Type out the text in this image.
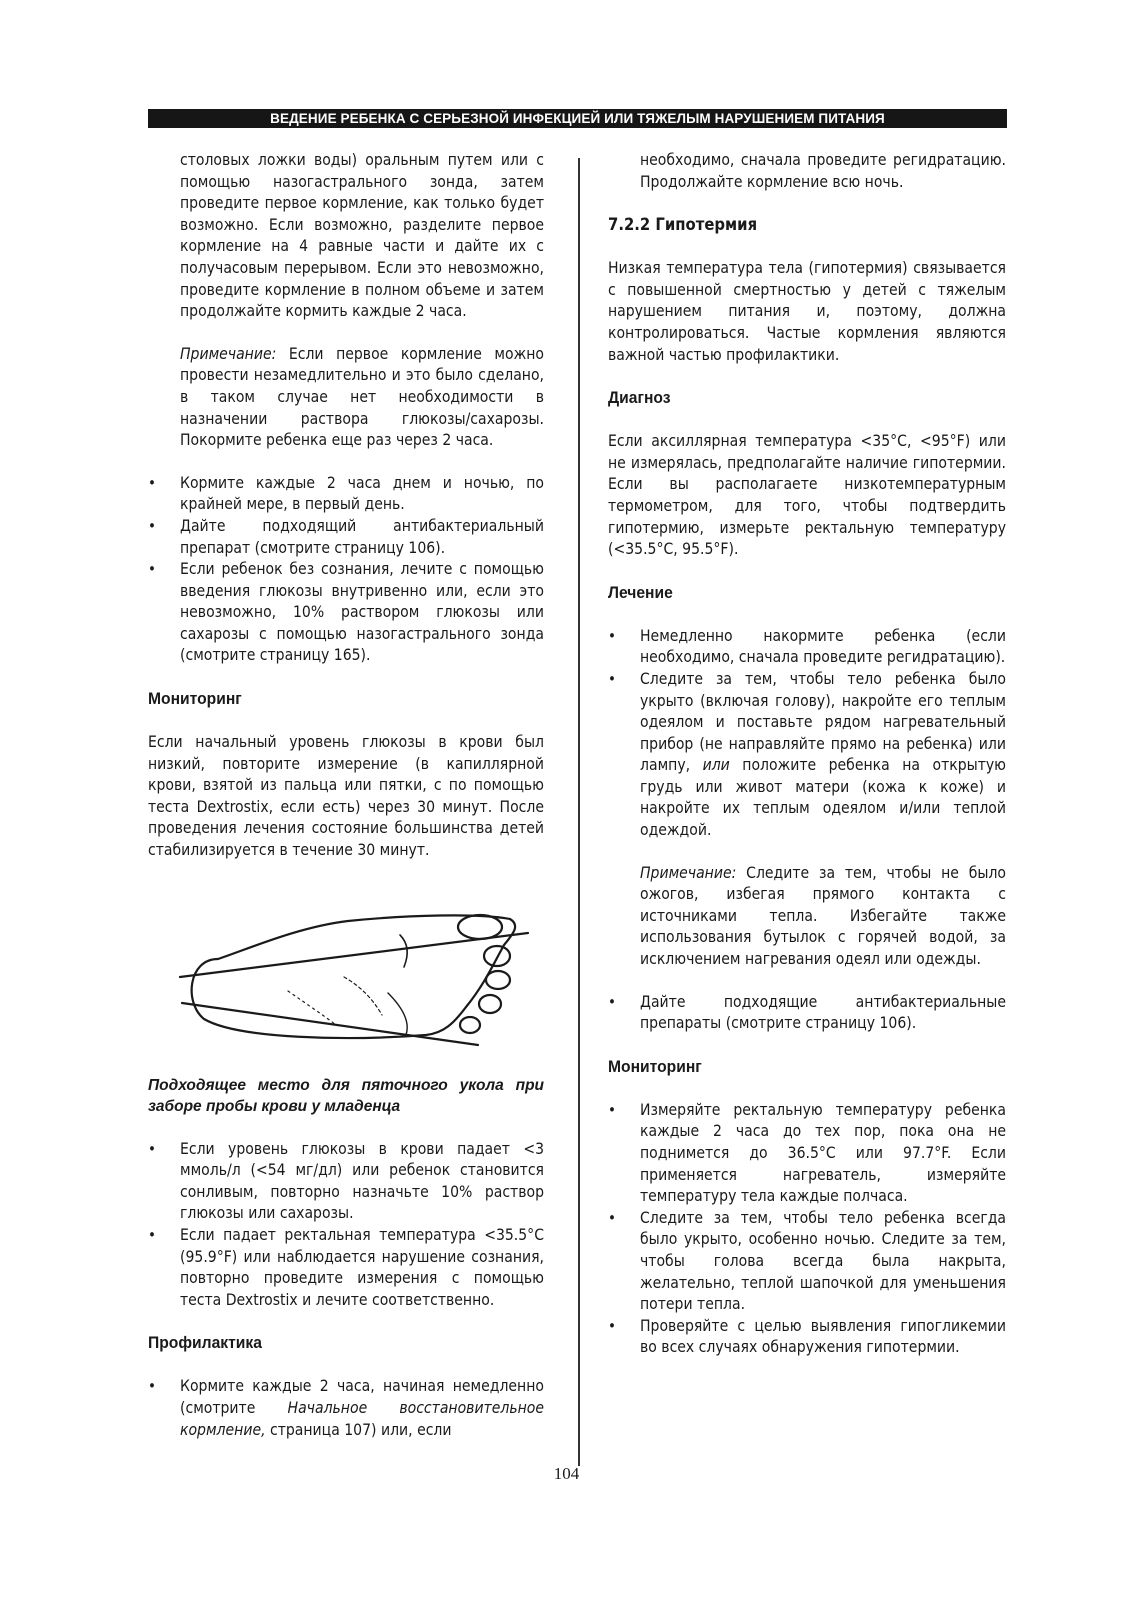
ВЕДЕНИЕ РЕБЕНКА С СЕРЬЕЗНОЙ ИНФЕКЦИЕЙ ИЛИ ТЯЖЕЛЫМ НАРУШЕНИЕМ ПИТАНИЯ

столовых ложки воды) оральным путем или с помощью назогастрального зонда, затем проведите первое кормление, как только будет возможно. Если возможно, разделите первое кормление на 4 равные части и дайте их с получасовым перерывом. Если это невозможно, проведите кормление в полном объеме и затем продолжайте кормить каждые 2 часа.

Примечание: Если первое кормление можно провести незамедлительно и это было сделано, в таком случае нет необходимости в назначении раствора глюкозы/сахарозы. Покормите ребенка еще раз через 2 часа.

• Кормите каждые 2 часа днем и ночью, по крайней мере, в первый день.
• Дайте подходящий антибактериальный препарат (смотрите страницу 106).
• Если ребенок без сознания, лечите с помощью введения глюкозы внутривенно или, если это невозможно, 10% раствором глюкозы или сахарозы с помощью назогастрального зонда (смотрите страницу 165).
Мониторинг

Если начальный уровень глюкозы в крови был низкий, повторите измерение (в капиллярной крови, взятой из пальца или пятки, с по помощью теста Dextrostix, если есть) через 30 минут. После проведения лечения состояние большинства детей стабилизируется в течение 30 минут.

Подходящее место для пяточного укола при заборе пробы крови у младенца

• Если уровень глюкозы в крови падает <3 ммоль/л (<54 мг/дл) или ребенок становится сонливым, повторно назначьте 10% раствор глюкозы или сахарозы.
• Если падает ректальная температура <35.5°C (95.9°F) или наблюдается нарушение сознания, повторно проведите измерения с помощью теста Dextrostix и лечите соответственно.
Профилактика
• Кормите каждые 2 часа, начиная немедленно (смотрите Начальное восстановительное кормление, страница 107) или, если

необходимо, сначала проведите регидратацию. Продолжайте кормление всю ночь.

7.2.2 Гипотермия

Низкая температура тела (гипотермия) связывается с повышенной смертностью у детей с тяжелым нарушением питания и, поэтому, должна контролироваться. Частые кормления являются важной частью профилактики.

Диагноз

Если аксиллярная температура <35°C, <95°F) или не измерялась, предполагайте наличие гипотермии. Если вы располагаете низкотемпературным термометром, для того, чтобы подтвердить гипотермию, измерьте ректальную температуру (<35.5°C, 95.5°F).

Лечение
• Немедленно накормите ребенка (если необходимо, сначала проведите регидратацию).
• Следите за тем, чтобы тело ребенка было укрыто (включая голову), накройте его теплым одеялом и поставьте рядом нагревательный прибор (не направляйте прямо на ребенка) или лампу, или положите ребенка на открытую грудь или живот матери (кожа к коже) и накройте их теплым одеялом и/или теплой одеждой.

Примечание: Следите за тем, чтобы не было ожогов, избегая прямого контакта с источниками тепла. Избегайте также использования бутылок с горячей водой, за исключением нагревания одеял или одежды.

• Дайте подходящие антибактериальные препараты (смотрите страницу 106).
Мониторинг
• Измеряйте ректальную температуру ребенка каждые 2 часа до тех пор, пока она не поднимется до 36.5°C или 97.7°F. Если применяется нагреватель, измеряйте температуру тела каждые полчаса.
• Следите за тем, чтобы тело ребенка всегда было укрыто, особенно ночью. Следите за тем, чтобы голова всегда была накрыта, желательно, теплой шапочкой для уменьшения потери тепла.
• Проверяйте с целью выявления гипогликемии во всех случаях обнаружения гипотермии.
104
